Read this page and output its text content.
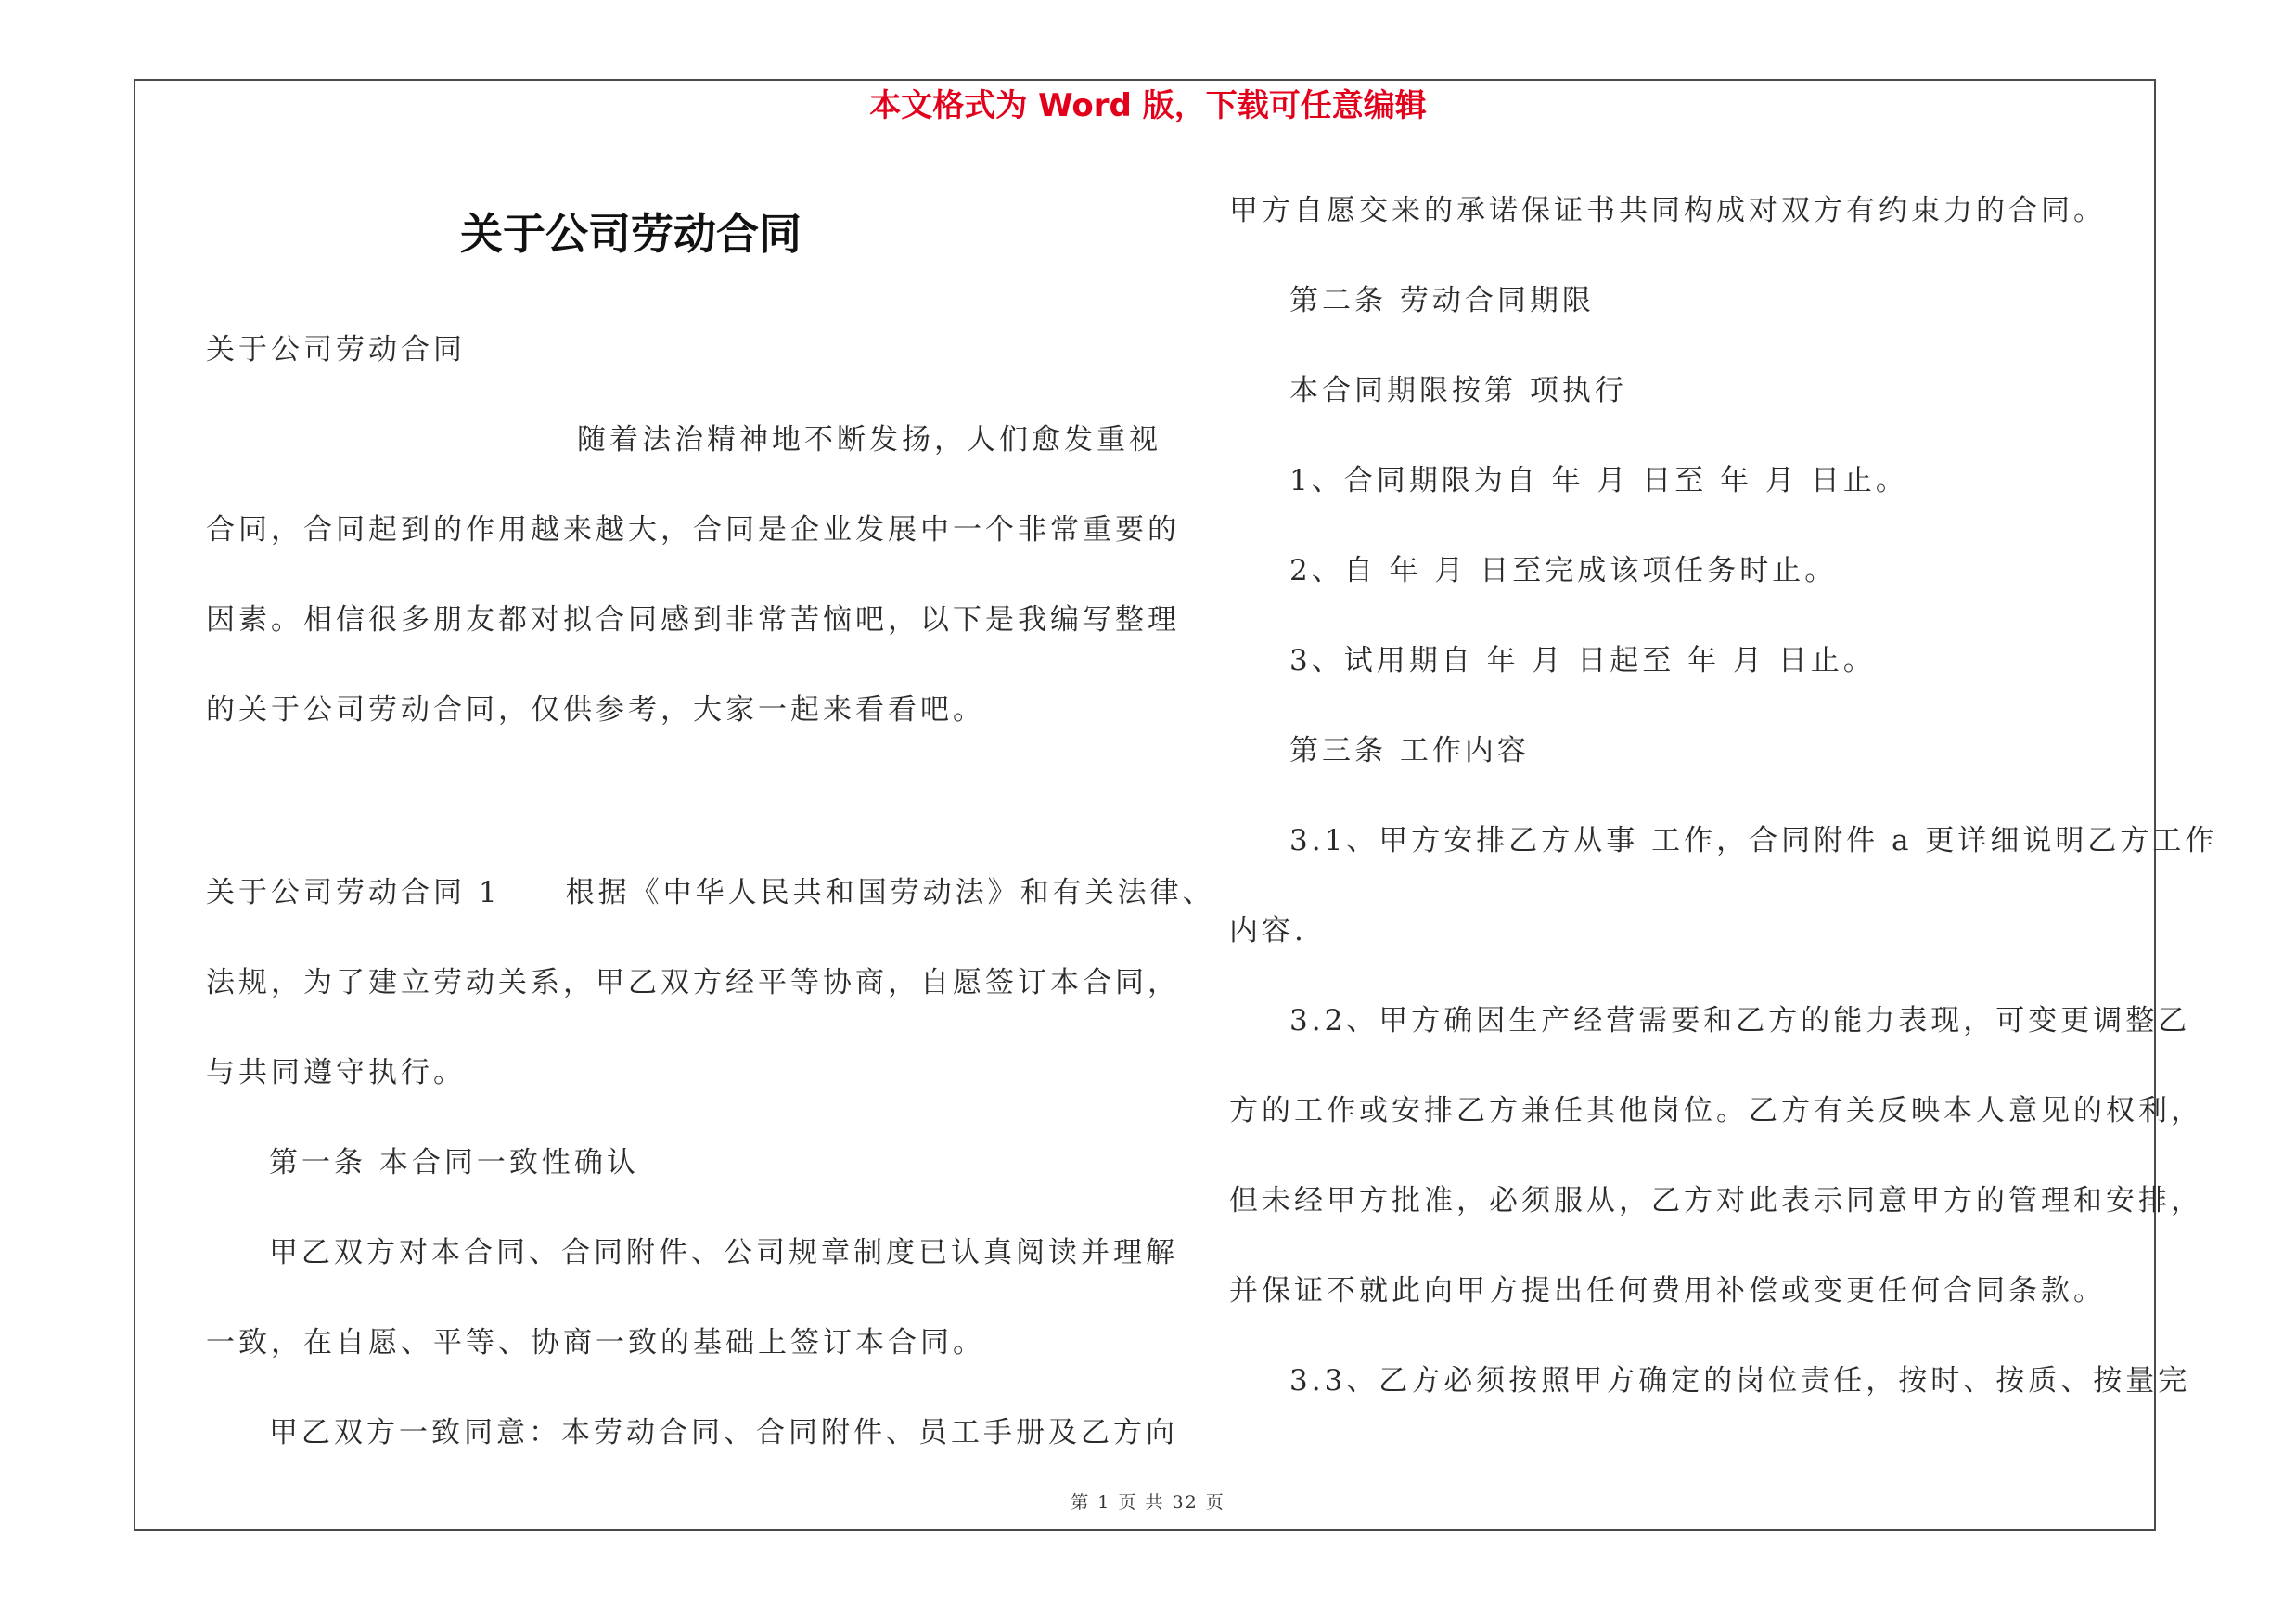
本文格式为 Word 版，下载可任意编辑
关于公司劳动合同
关于公司劳动合同
随着法治精神地不断发扬，人们愈发重视
合同，合同起到的作用越来越大，合同是企业发展中一个非常重要的
因素。相信很多朋友都对拟合同感到非常苦恼吧，以下是我编写整理
的关于公司劳动合同，仅供参考，大家一起来看看吧。
关于公司劳动合同 1　　根据《中华人民共和国劳动法》和有关法律、
法规，为了建立劳动关系，甲乙双方经平等协商，自愿签订本合同，
与共同遵守执行。
第一条 本合同一致性确认
甲乙双方对本合同、合同附件、公司规章制度已认真阅读并理解
一致，在自愿、平等、协商一致的基础上签订本合同。
甲乙双方一致同意：本劳动合同、合同附件、员工手册及乙方向
甲方自愿交来的承诺保证书共同构成对双方有约束力的合同。
第二条 劳动合同期限
本合同期限按第 项执行
1、合同期限为自 年 月 日至 年 月 日止。
2、自 年 月 日至完成该项任务时止。
3、试用期自 年 月 日起至 年 月 日止。
第三条 工作内容
3.1、甲方安排乙方从事 工作，合同附件 a 更详细说明乙方工作
内容.
3.2、甲方确因生产经营需要和乙方的能力表现，可变更调整乙
方的工作或安排乙方兼任其他岗位。乙方有关反映本人意见的权利，
但未经甲方批准，必须服从，乙方对此表示同意甲方的管理和安排，
并保证不就此向甲方提出任何费用补偿或变更任何合同条款。
3.3、乙方必须按照甲方确定的岗位责任，按时、按质、按量完
第 1 页 共 32 页
